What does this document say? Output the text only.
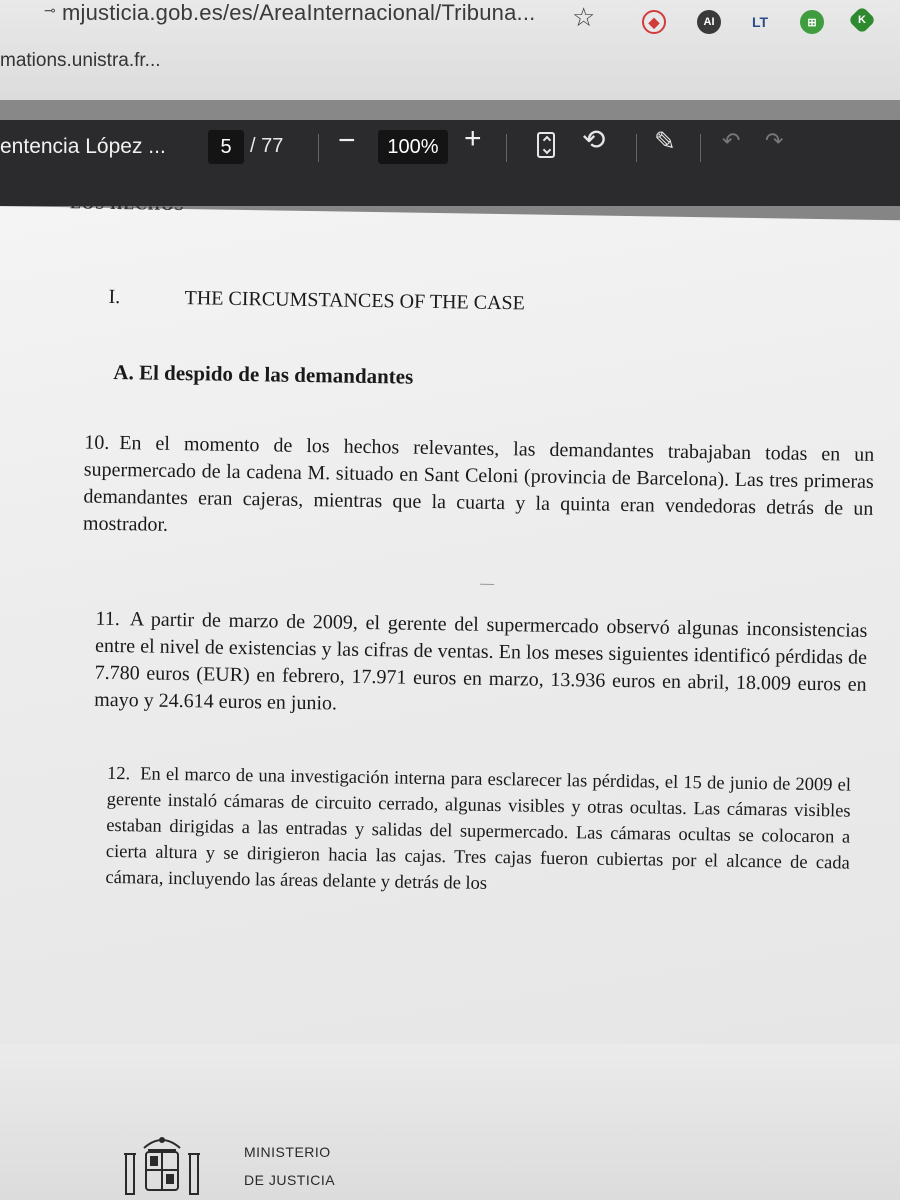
⊸ mjusticia.gob.es/es/AreaInternacional/Tribuna... ☆	◆	AI	LT	⊞	K
mations.unistra.fr...
entencia López ...	5 / 77 −	100% +	⟲ ✎ ↶ ↷
I.	THE CIRCUMSTANCES OF THE CASE
A. El despido de las demandantes
10. En el momento de los hechos relevantes, las demandantes trabajaban todas en un supermercado de la cadena M. situado en Sant Celoni (provincia de Barcelona). Las tres primeras demandantes eran cajeras, mientras que la cuarta y la quinta eran vendedoras detrás de un mostrador.
11. A partir de marzo de 2009, el gerente del supermercado observó algunas inconsistencias entre el nivel de existencias y las cifras de ventas. En los meses siguientes identificó pérdidas de 7.780 euros (EUR) en febrero, 17.971 euros en marzo, 13.936 euros en abril, 18.009 euros en mayo y 24.614 euros en junio.
12. En el marco de una investigación interna para esclarecer las pérdidas, el 15 de junio de 2009 el gerente instaló cámaras de circuito cerrado, algunas visibles y otras ocultas. Las cámaras visibles estaban dirigidas a las entradas y salidas del supermercado. Las cámaras ocultas se colocaron a cierta altura y se dirigieron hacia las cajas. Tres cajas fueron cubiertas por el alcance de cada cámara, incluyendo las áreas delante y detrás de los
MINISTERIO
DE JUSTICIA
